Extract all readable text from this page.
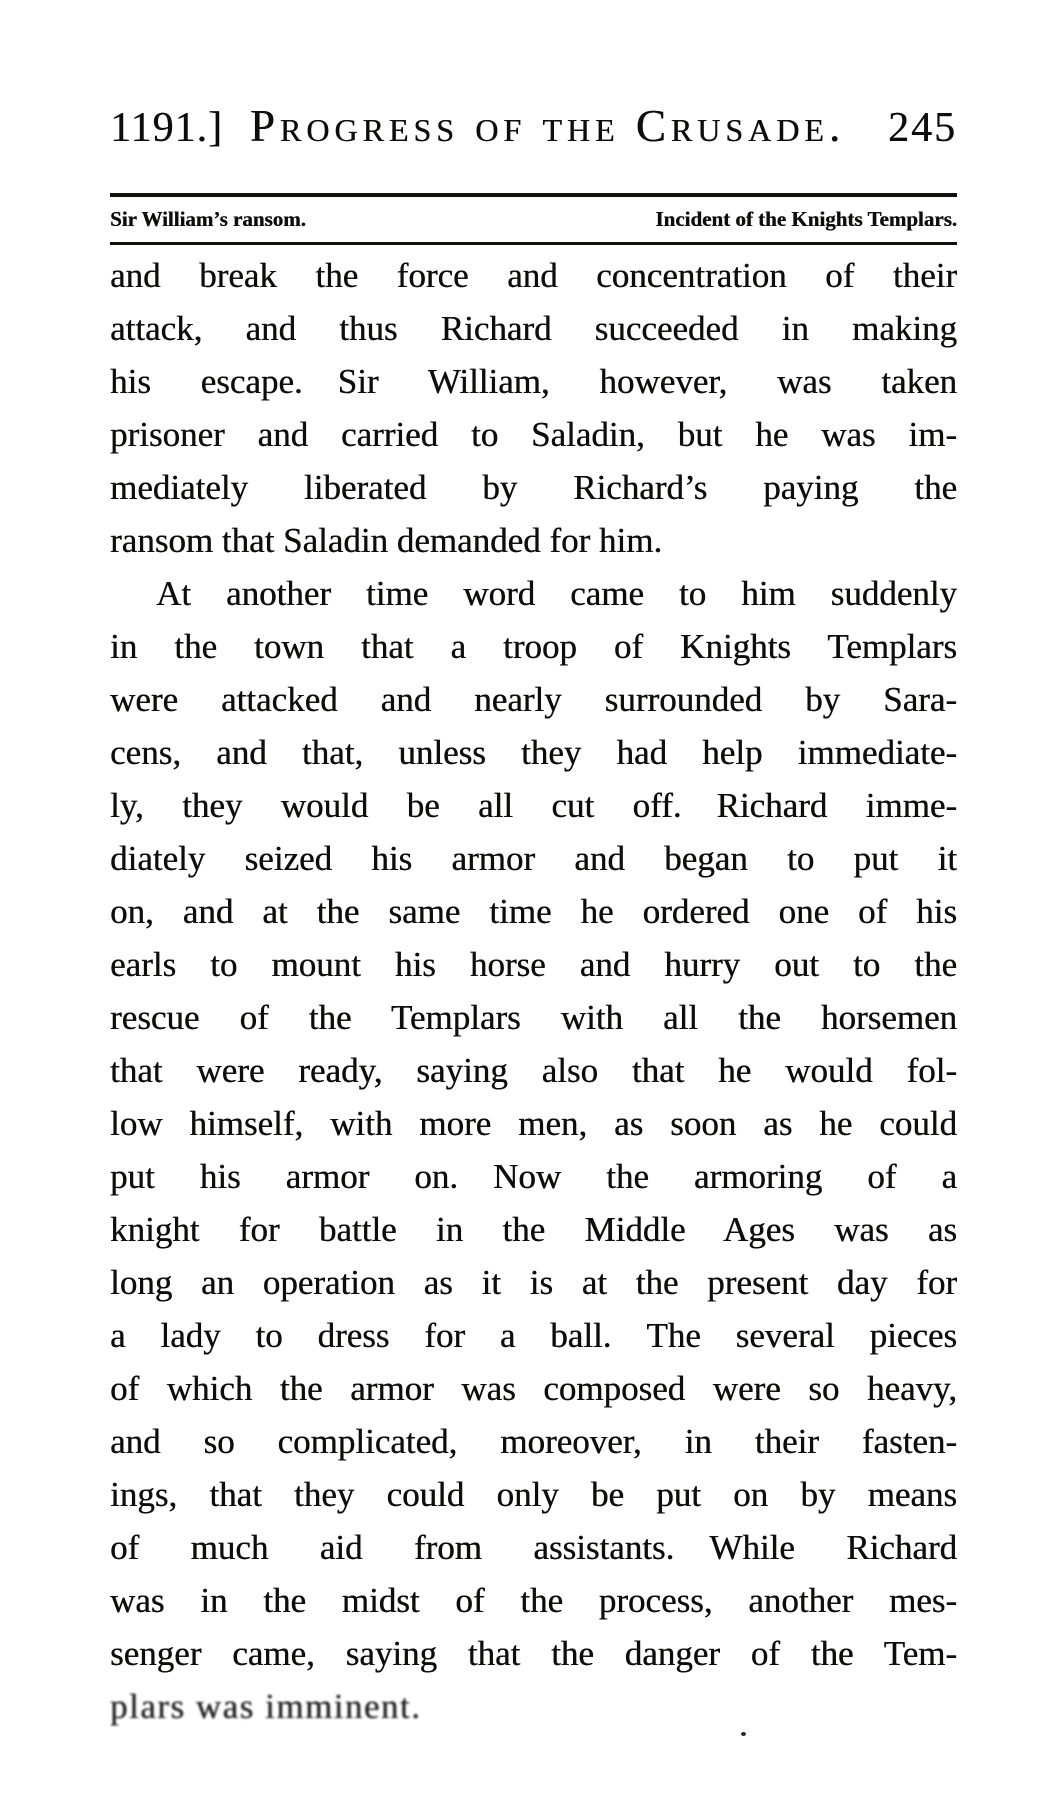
1191.] Progress of the Crusade. 245
Sir William’s ransom.	Incident of the Knights Templars.
and break the force and concentration of their
attack, and thus Richard succeeded in making
his escape. Sir William, however, was taken
prisoner and carried to Saladin, but he was im-
mediately liberated by Richard’s paying the
ransom that Saladin demanded for him.
At another time word came to him suddenly
in the town that a troop of Knights Templars
were attacked and nearly surrounded by Sara-
cens, and that, unless they had help immediate-
ly, they would be all cut off. Richard imme-
diately seized his armor and began to put it
on, and at the same time he ordered one of his
earls to mount his horse and hurry out to the
rescue of the Templars with all the horsemen
that were ready, saying also that he would fol-
low himself, with more men, as soon as he could
put his armor on. Now the armoring of a
knight for battle in the Middle Ages was as
long an operation as it is at the present day for
a lady to dress for a ball. The several pieces
of which the armor was composed were so heavy,
and so complicated, moreover, in their fasten-
ings, that they could only be put on by means
of much aid from assistants. While Richard
was in the midst of the process, another mes-
senger came, saying that the danger of the Tem-
plars was imminent.
